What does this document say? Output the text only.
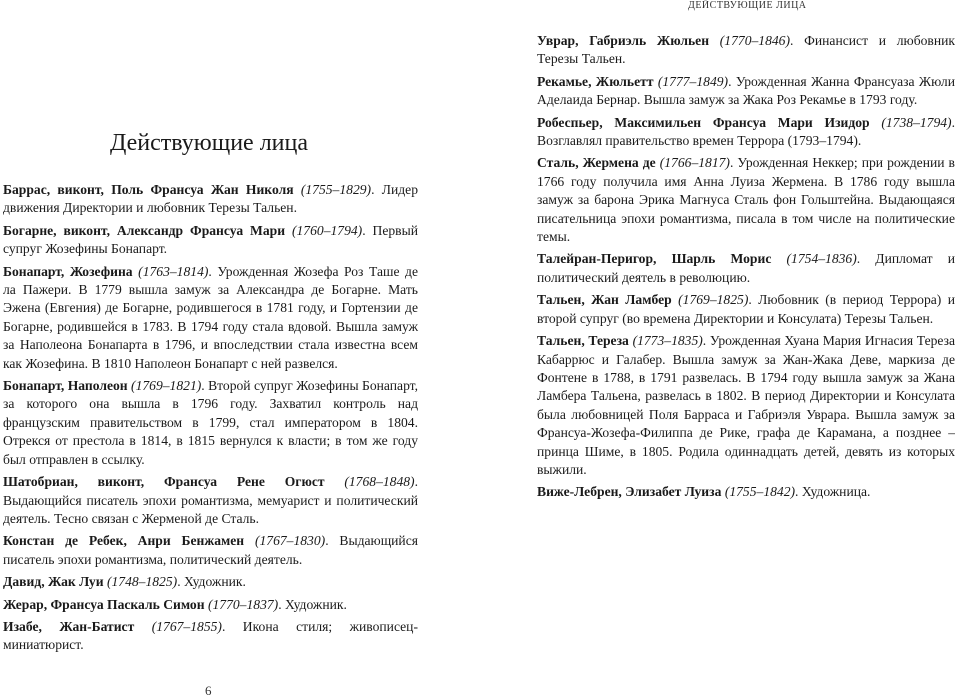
ДЕЙСТВУЮЩИЕ ЛИЦА
Действующие лица

Баррас, виконт, Поль Франсуа Жан Николя (1755–1829). Лидер движения Директории и любовник Терезы Тальен.

Богарне, виконт, Александр Франсуа Мари (1760–1794). Первый супруг Жозефины Бонапарт.

Бонапарт, Жозефина (1763–1814). Урожденная Жозефа Роз Таше де ла Пажери. В 1779 вышла замуж за Александра де Богарне. Мать Эжена (Евгения) де Богарне, родившегося в 1781 году, и Гортензии де Богарне, родившейся в 1783. В 1794 году стала вдовой. Вышла замуж за Наполеона Бонапарта в 1796, и впоследствии стала известна всем как Жозефина. В 1810 Наполеон Бонапарт с ней развелся.

Бонапарт, Наполеон (1769–1821). Второй супруг Жозефины Бонапарт, за которого она вышла в 1796 году. Захватил контроль над французским правительством в 1799, стал императором в 1804. Отрекся от престола в 1814, в 1815 вернулся к власти; в том же году был отправлен в ссылку.

Шатобриан, виконт, Франсуа Рене Огюст (1768–1848). Выдающийся писатель эпохи романтизма, мемуарист и политический деятель. Тесно связан с Жерменой де Сталь.

Констан де Ребек, Анри Бенжамен (1767–1830). Выдающийся писатель эпохи романтизма, политический деятель.

Давид, Жак Луи (1748–1825). Художник.

Жерар, Франсуа Паскаль Симон (1770–1837). Художник.

Изабе, Жан-Батист (1767–1855). Икона стиля; живописец-миниатюрист.

6

Уврар, Габриэль Жюльен (1770–1846). Финансист и любовник Терезы Тальен.

Рекамье, Жюльетт (1777–1849). Урожденная Жанна Франсуаза Жюли Аделаида Бернар. Вышла замуж за Жака Роз Рекамье в 1793 году.

Робеспьер, Максимильен Франсуа Мари Изидор (1738–1794). Возглавлял правительство времен Террора (1793–1794).

Сталь, Жермена де (1766–1817). Урожденная Неккер; при рождении в 1766 году получила имя Анна Луиза Жермена. В 1786 году вышла замуж за барона Эрика Магнуса Сталь фон Гольштейна. Выдающаяся писательница эпохи романтизма, писала в том числе на политические темы.

Талейран-Перигор, Шарль Морис (1754–1836). Дипломат и политический деятель в революцию.

Тальен, Жан Ламбер (1769–1825). Любовник (в период Террора) и второй супруг (во времена Директории и Консулата) Терезы Тальен.

Тальен, Тереза (1773–1835). Урожденная Хуана Мария Игнасия Тереза Кабаррюс и Галабер. Вышла замуж за Жан-Жака Деве, маркиза де Фонтене в 1788, в 1791 развелась. В 1794 году вышла замуж за Жана Ламбера Тальена, развелась в 1802. В период Директории и Консулата была любовницей Поля Барраса и Габриэля Уврара. Вышла замуж за Франсуа-Жозефа-Филиппа де Рике, графа де Карамана, а позднее – принца Шиме, в 1805. Родила одиннадцать детей, девять из которых выжили.

Виже-Лебрен, Элизабет Луиза (1755–1842). Художница.
